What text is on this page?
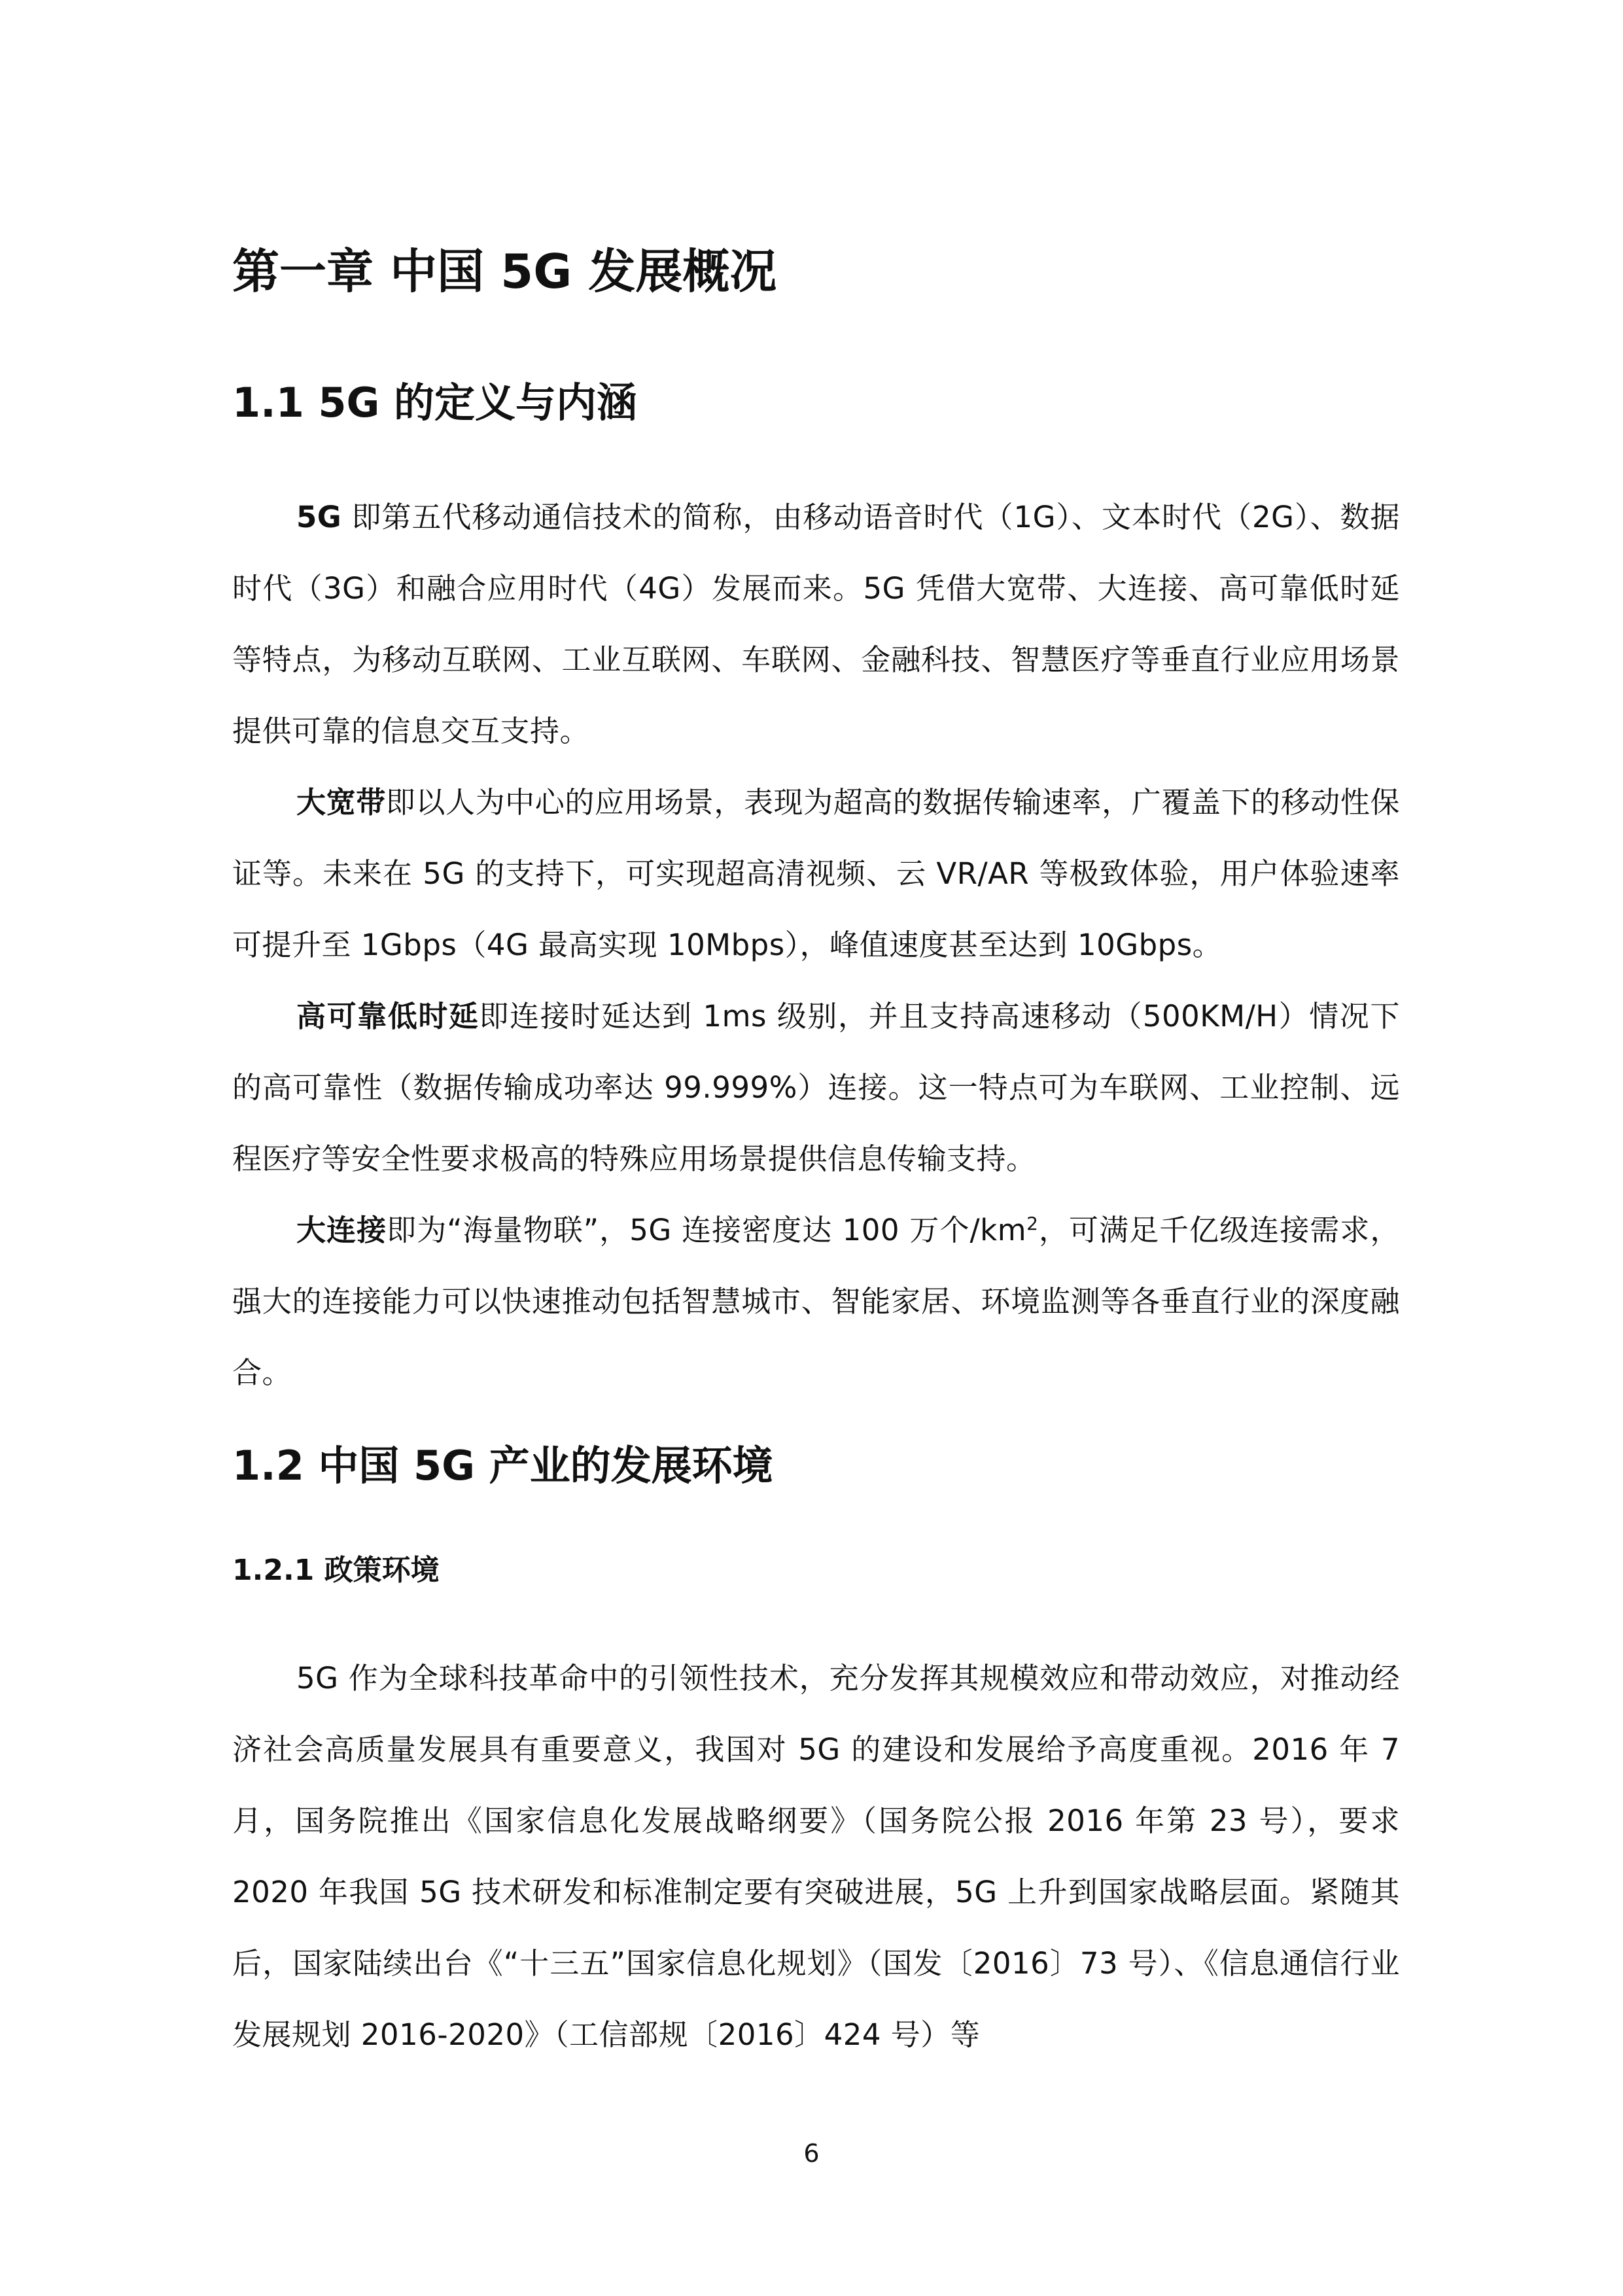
第一章 中国 5G 发展概况
1.1 5G 的定义与内涵

5G 即第五代移动通信技术的简称，由移动语音时代（1G）、文本时代（2G）、数据时代（3G）和融合应用时代（4G）发展而来。5G 凭借大宽带、大连接、高可靠低时延等特点，为移动互联网、工业互联网、车联网、金融科技、智慧医疗等垂直行业应用场景提供可靠的信息交互支持。

大宽带即以人为中心的应用场景，表现为超高的数据传输速率，广覆盖下的移动性保证等。未来在 5G 的支持下，可实现超高清视频、云 VR/AR 等极致体验，用户体验速率可提升至 1Gbps（4G 最高实现 10Mbps），峰值速度甚至达到 10Gbps。

高可靠低时延即连接时延达到 1ms 级别，并且支持高速移动（500KM/H）情况下的高可靠性（数据传输成功率达 99.999%）连接。这一特点可为车联网、工业控制、远程医疗等安全性要求极高的特殊应用场景提供信息传输支持。

大连接即为“海量物联”，5G 连接密度达 100 万个$/km^2$，可满足千亿级连接需求，强大的连接能力可以快速推动包括智慧城市、智能家居、环境监测等各垂直行业的深度融合。

1.2 中国 5G 产业的发展环境
1.2.1 政策环境

5G 作为全球科技革命中的引领性技术，充分发挥其规模效应和带动效应，对推动经济社会高质量发展具有重要意义，我国对 5G 的建设和发展给予高度重视。2016 年 7 月，国务院推出《国家信息化发展战略纲要》（国务院公报 2016 年第 23 号），要求 2020 年我国 5G 技术研发和标准制定要有突破进展，5G 上升到国家战略层面。紧随其后，国家陆续出台《“十三五”国家信息化规划》（国发〔2016〕73 号）、《信息通信行业发展规划 2016-2020》（工信部规〔2016〕424 号）等

6
